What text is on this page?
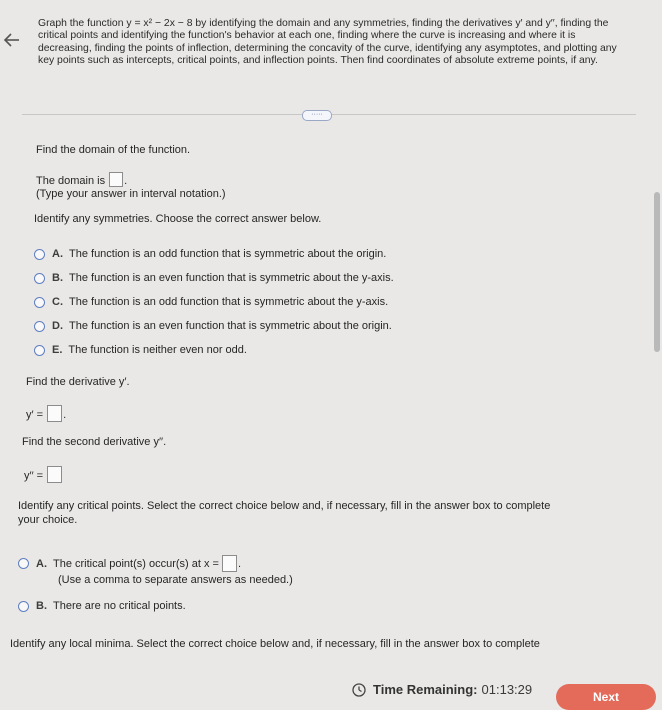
Graph the function y = x² − 2x − 8 by identifying the domain and any symmetries, finding the derivatives y′ and y′′, finding the critical points and identifying the function's behavior at each one, finding where the curve is increasing and where it is decreasing, finding the points of inflection, determining the concavity of the curve, identifying any asymptotes, and plotting any key points such as intercepts, critical points, and inflection points. Then find coordinates of absolute extreme points, if any.

·····
Find the domain of the function.
The domain is .
(Type your answer in interval notation.)
Identify any symmetries. Choose the correct answer below.
A. The function is an odd function that is symmetric about the origin.
B. The function is an even function that is symmetric about the y-axis.
C. The function is an odd function that is symmetric about the y-axis.
D. The function is an even function that is symmetric about the origin.
E. The function is neither even nor odd.
Find the derivative y′.
y′ = .
Find the second derivative y′′.
y′′ =
Identify any critical points. Select the correct choice below and, if necessary, fill in the answer box to complete
your choice.
A. The critical point(s) occur(s) at x = .
(Use a comma to separate answers as needed.)
B. There are no critical points.
Identify any local minima. Select the correct choice below and, if necessary, fill in the answer box to complete
Time Remaining: 01:13:29	Next
